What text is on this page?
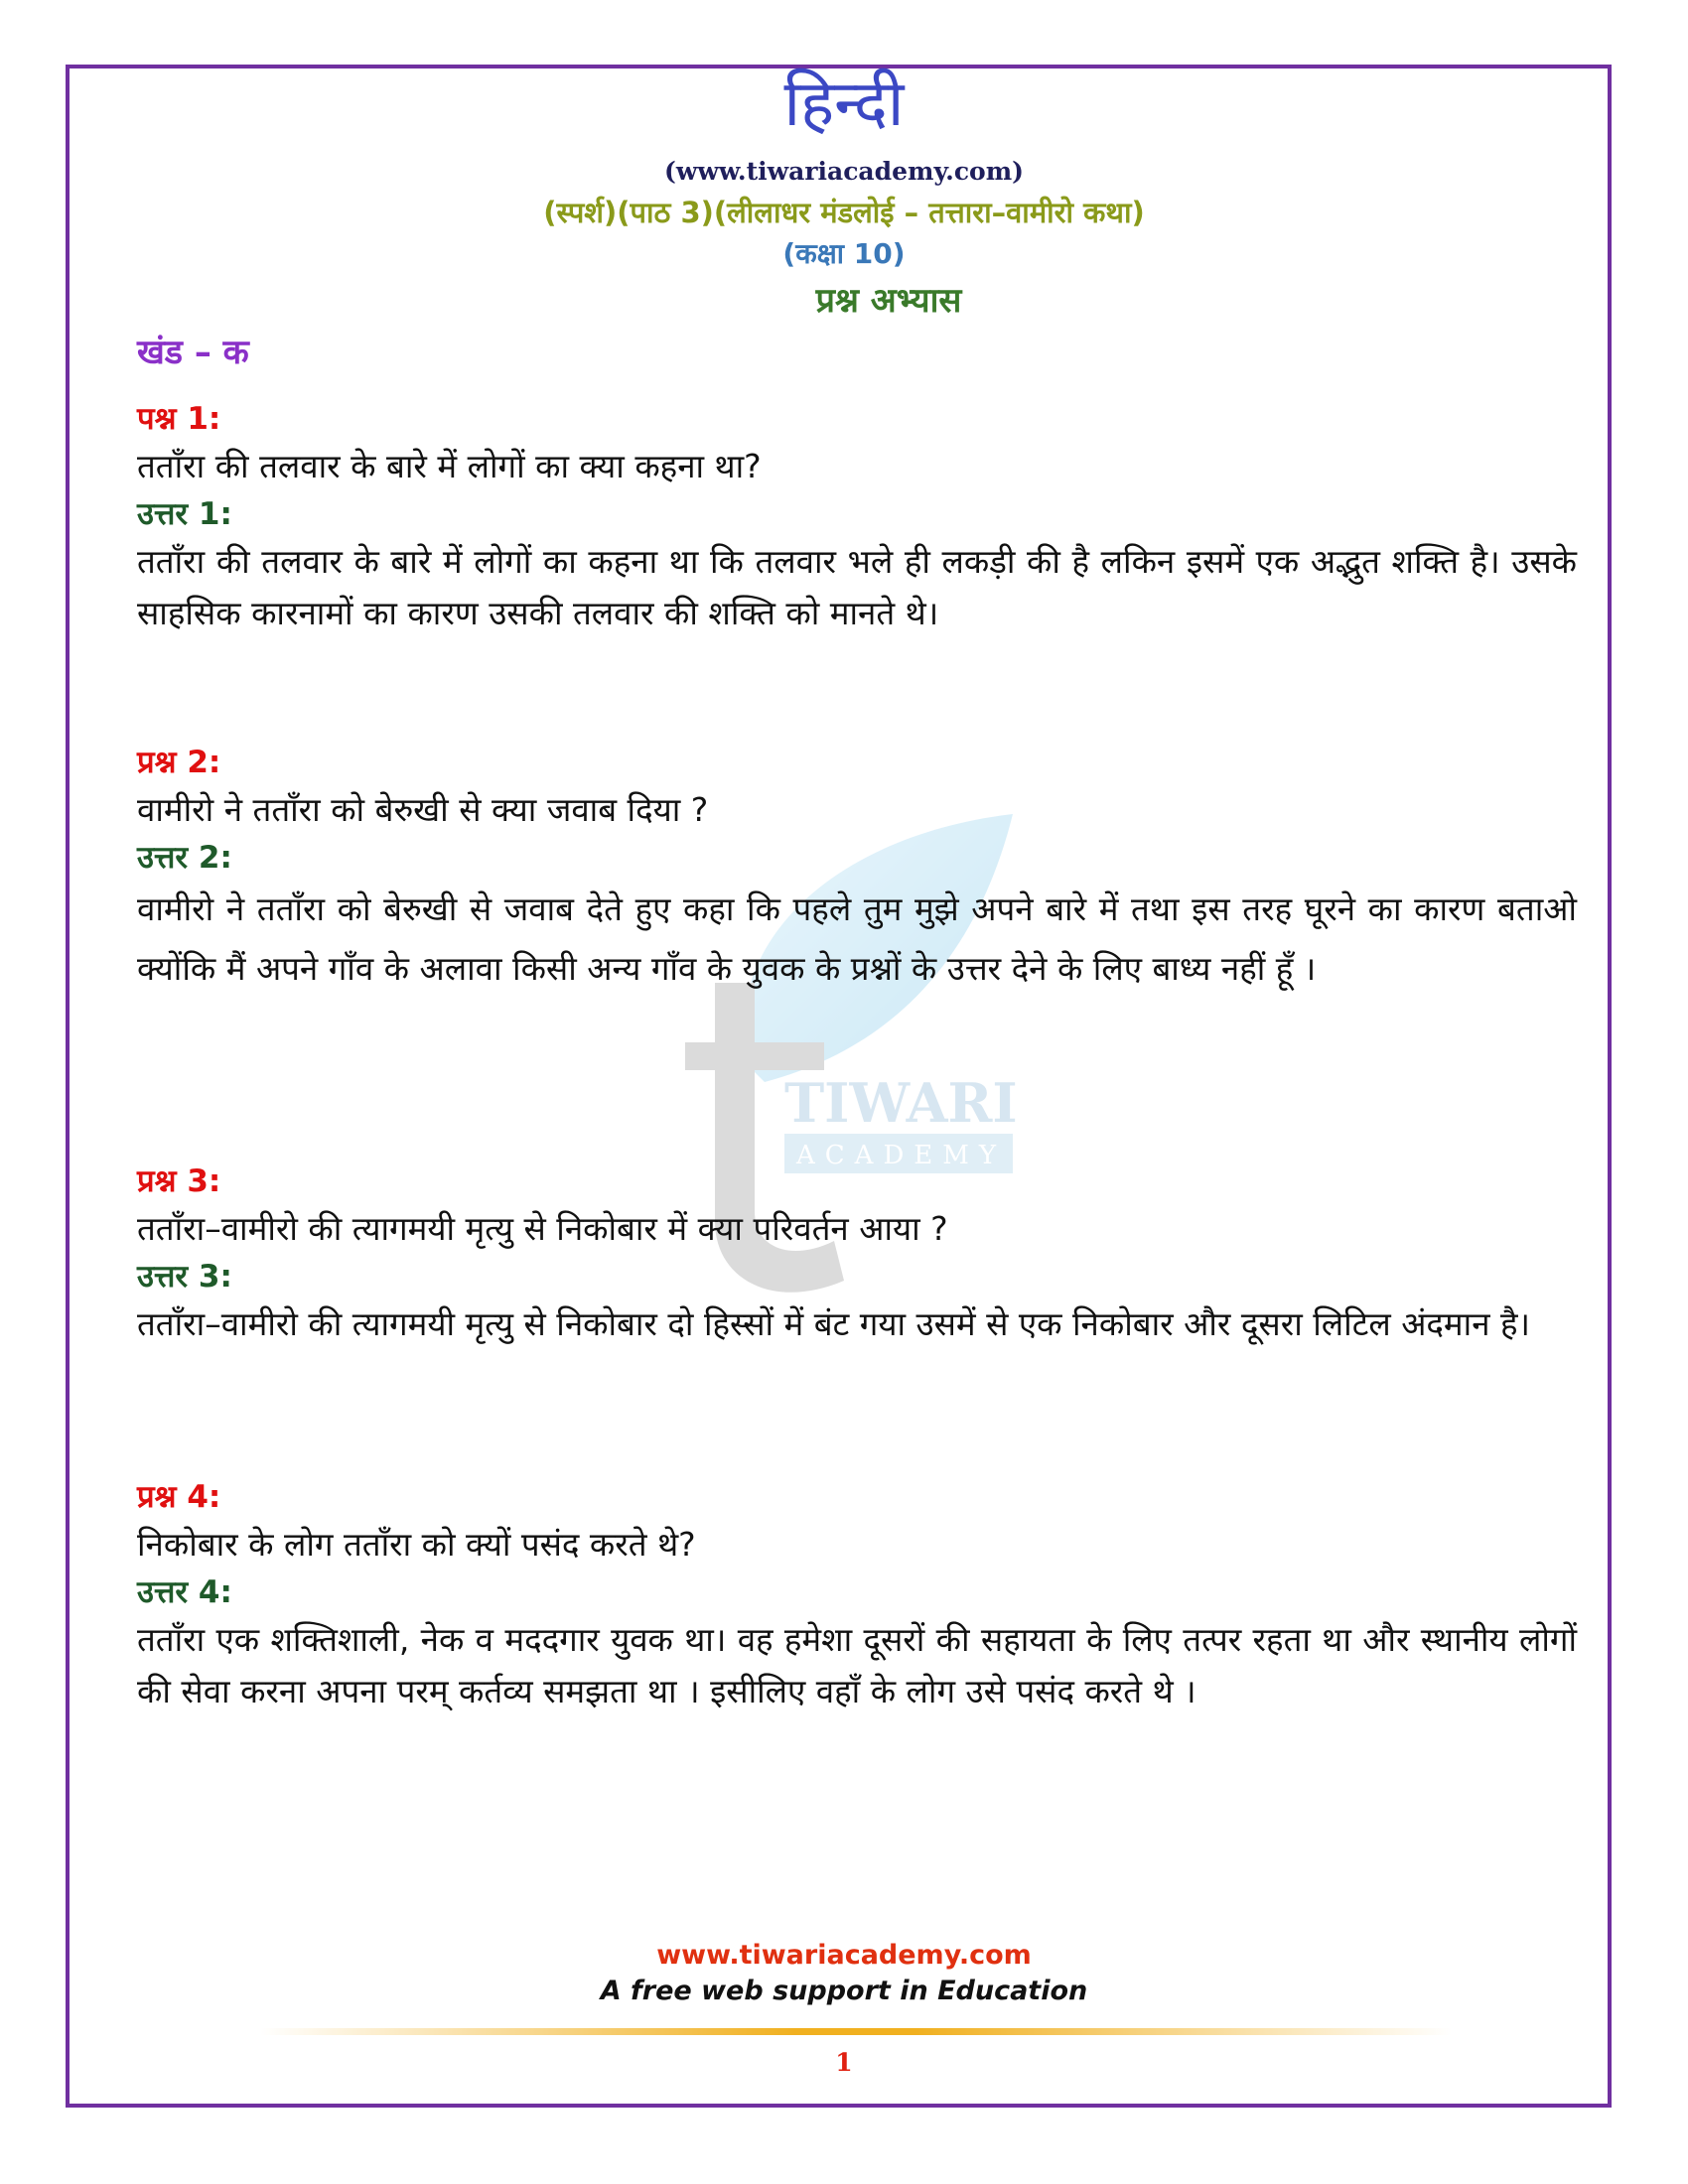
TIWARI
ACADEMY
हिन्दी
(www.tiwariacademy.com)
(स्पर्श)(पाठ 3)(लीलाधर मंडलोई – तत्तारा–वामीरो कथा)
(कक्षा 10)
प्रश्न अभ्यास
खंड – क
पश्न 1:
तताँरा की तलवार के बारे में लोगों का क्या कहना था?
उत्तर 1:
तताँरा की तलवार के बारे में लोगों का कहना था कि तलवार भले ही लकड़ी की है लकिन इसमें एक अद्भुत शक्ति है। उसके साहसिक कारनामों का कारण उसकी तलवार की शक्ति को मानते थे।
प्रश्न 2:
वामीरो ने तताँरा को बेरुखी से क्या जवाब दिया ?
उत्तर 2:
वामीरो ने तताँरा को बेरुखी से जवाब देते हुए कहा कि पहले तुम मुझे अपने बारे में तथा इस तरह घूरने का कारण बताओ क्योंकि मैं अपने गाँव के अलावा किसी अन्य गाँव के युवक के प्रश्नों के उत्तर देने के लिए बाध्य नहीं हूँ ।
प्रश्न 3:
तताँरा–वामीरो की त्यागमयी मृत्यु से निकोबार में क्या परिवर्तन आया ?
उत्तर 3:
तताँरा–वामीरो की त्यागमयी मृत्यु से निकोबार दो हिस्सों में बंट गया उसमें से एक निकोबार और दूसरा लिटिल अंदमान है।
प्रश्न 4:
निकोबार के लोग तताँरा को क्यों पसंद करते थे?
उत्तर 4:
तताँरा एक शक्तिशाली, नेक व मददगार युवक था। वह हमेशा दूसरों की सहायता के लिए तत्पर रहता था और स्थानीय लोगों की सेवा करना अपना परम् कर्तव्य समझता था । इसीलिए वहाँ के लोग उसे पसंद करते थे ।
www.tiwariacademy.com
A free web support in Education
1
